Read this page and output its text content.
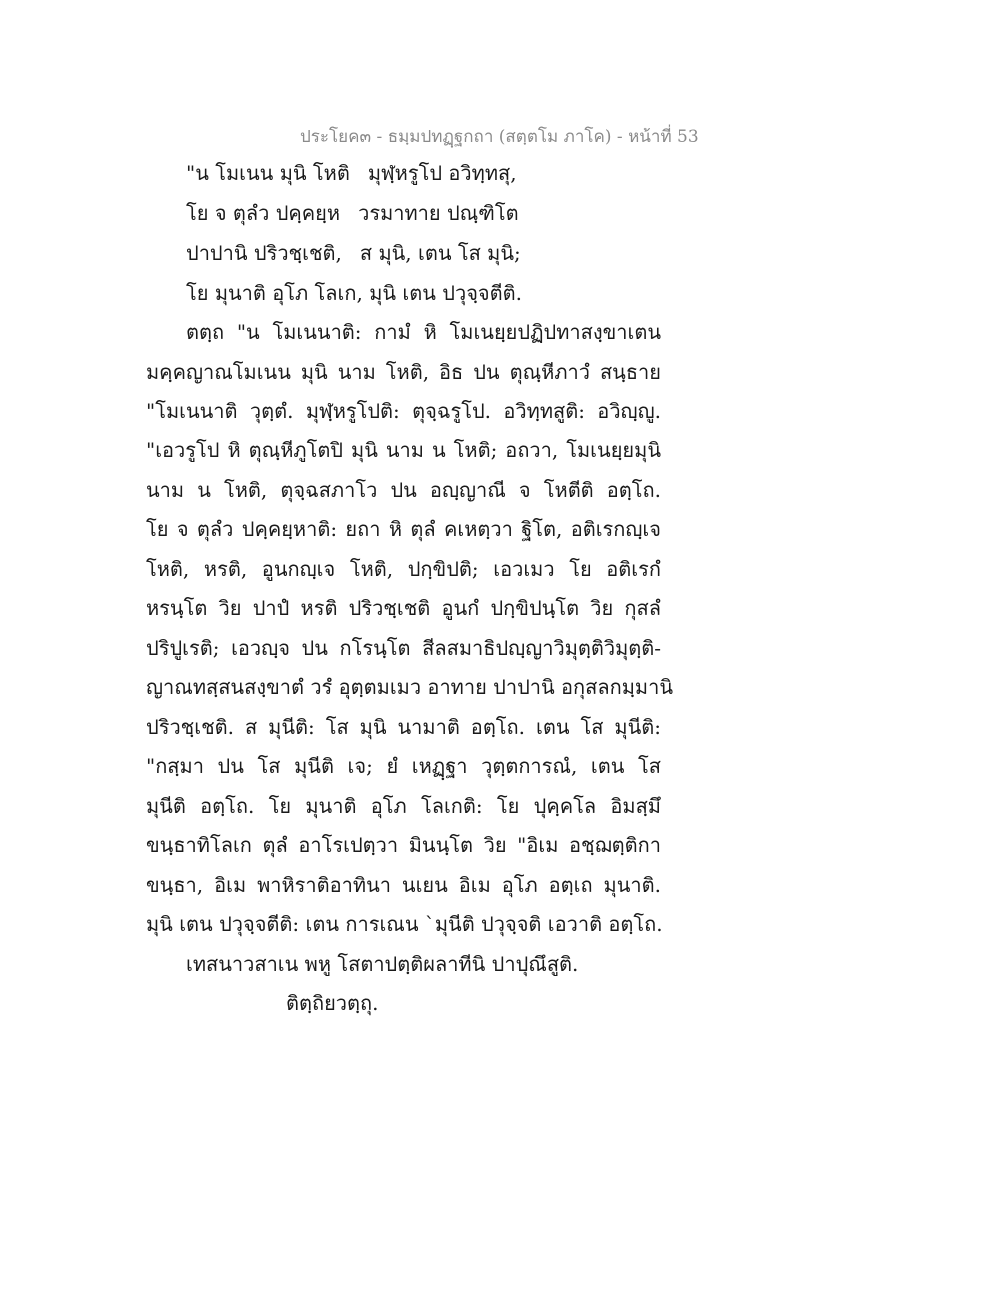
ประโยค๓ - ธมฺมปทฏฺฐกถา (สตฺตโม ภาโค) - หน้าที่ 53
"น โมเนน มุนิ โหติ มุฬฺหรูโป อวิทฺทสุ,
โย จ ตุลํว ปคฺคยฺห วรมาทาย ปณฺฑิโต
ปาปานิ ปริวชฺเชติ, ส มุนิ, เตน โส มุนิ;
โย มุนาติ อุโภ โลเก, มุนิ เตน ปวุจฺจตีติ.
ตตฺถ "น โมเนนาติ: กามํ หิ โมเนยฺยปฏิปทาสงฺขาเตน
มคฺคญาณโมเนน มุนิ นาม โหติ, อิธ ปน ตุณฺหีภาวํ สนฺธาย
"โมเนนาติ วุตฺตํ. มุฬฺหรูโปติ: ตุจฺฉรูโป. อวิทฺทสูติ: อวิญฺญู.
"เอวรูโป หิ ตุณฺหีภูโตปิ มุนิ นาม น โหติ; อถวา, โมเนยฺยมุนิ
นาม น โหติ, ตุจฺฉสภาโว ปน อญฺญาณี จ โหตีติ อตฺโถ.
โย จ ตุลํว ปคฺคยฺหาติ: ยถา หิ ตุลํ คเหตฺวา ฐิโต, อติเรกญฺเจ
โหติ, หรติ, อูนกญฺเจ โหติ, ปกฺขิปติ; เอวเมว โย อติเรกํ
หรนฺโต วิย ปาปํ หรติ ปริวชฺเชติ อูนกํ ปกฺขิปนฺโต วิย กุสลํ
ปริปูเรติ; เอวญฺจ ปน กโรนฺโต สีลสมาธิปญฺญาวิมุตฺติวิมุตฺติ-
ญาณทสฺสนสงฺขาตํ วรํ อุตฺตมเมว อาทาย ปาปานิ อกุสลกมฺมานิ
ปริวชฺเชติ. ส มุนีติ: โส มุนิ นามาติ อตฺโถ. เตน โส มุนีติ:
"กสฺมา ปน โส มุนีติ เจ; ยํ เหฏฺฐา วุตฺตการณํ, เตน โส
มุนีติ อตฺโถ. โย มุนาติ อุโภ โลเกติ: โย ปุคฺคโล อิมสฺมึ
ขนฺธาทิโลเก ตุลํ อาโรเปตฺวา มินนฺโต วิย "อิเม อชฺฌตฺติกา
ขนฺธา, อิเม พาหิราติอาทินา นเยน อิเม อุโภ อตฺเถ มุนาติ.
มุนิ เตน ปวุจฺจตีติ: เตน การเณน `มุนีติ ปวุจฺจติ เอวาติ อตฺโถ.
เทสนาวสาเน พหู โสตาปตฺติผลาทีนิ ปาปุณึสูติ.
ติตฺถิยวตฺถุ.
